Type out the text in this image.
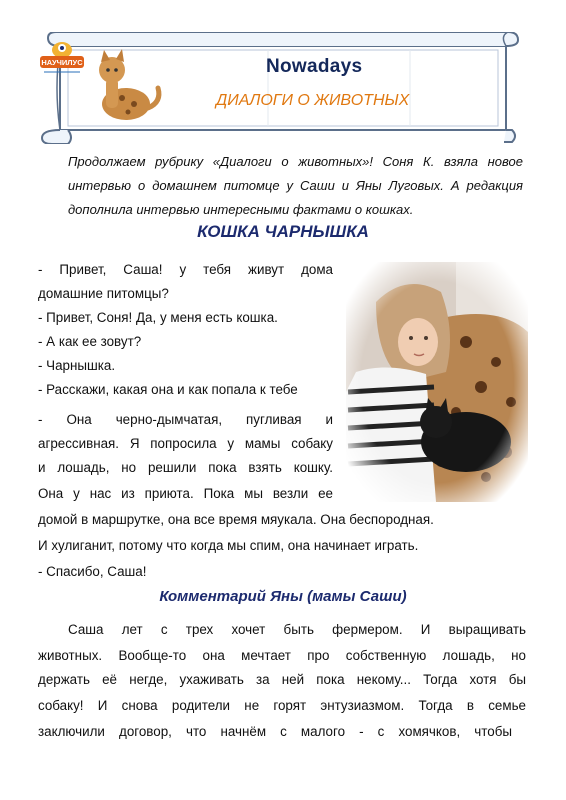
Nowadays
ДИАЛОГИ О ЖИВОТНЫХ
НАУЧИЛУС

Продолжаем рубрику «Диалоги о животных»! Соня К. взяла новое интервью о домашнем питомце у Саши и Яны Луговых. А редакция дополнила интервью интересными фактами о кошках.

КОШКА ЧАРНЫШКА

- Привет, Саша! у тебя живут дома

домашние питомцы?

- Привет, Соня! Да, у меня есть кошка.

- А как ее зовут?

- Чарнышка.

- Расскажи, какая она и как попала к тебе

- Она черно-дымчатая, пугливая и

агрессивная. Я попросила у мамы собаку

и лошадь, но решили пока взять кошку.

Она у нас из приюта. Пока мы везли ее

домой в маршрутке, она все время мяукала. Она беспородная.

И хулиганит, потому что когда мы спим, она начинает играть.

- Спасибо, Саша!

Комментарий Яны (мамы Саши)

Саша лет с трех хочет быть фермером. И выращивать

животных. Вообще-то она мечтает про собственную лошадь, но

держать её негде, ухаживать за ней пока некому... Тогда хотя бы

собаку! И снова родители не горят энтузиазмом. Тогда в семье

заключили договор, что начнём с малого - с хомячков, чтобы
